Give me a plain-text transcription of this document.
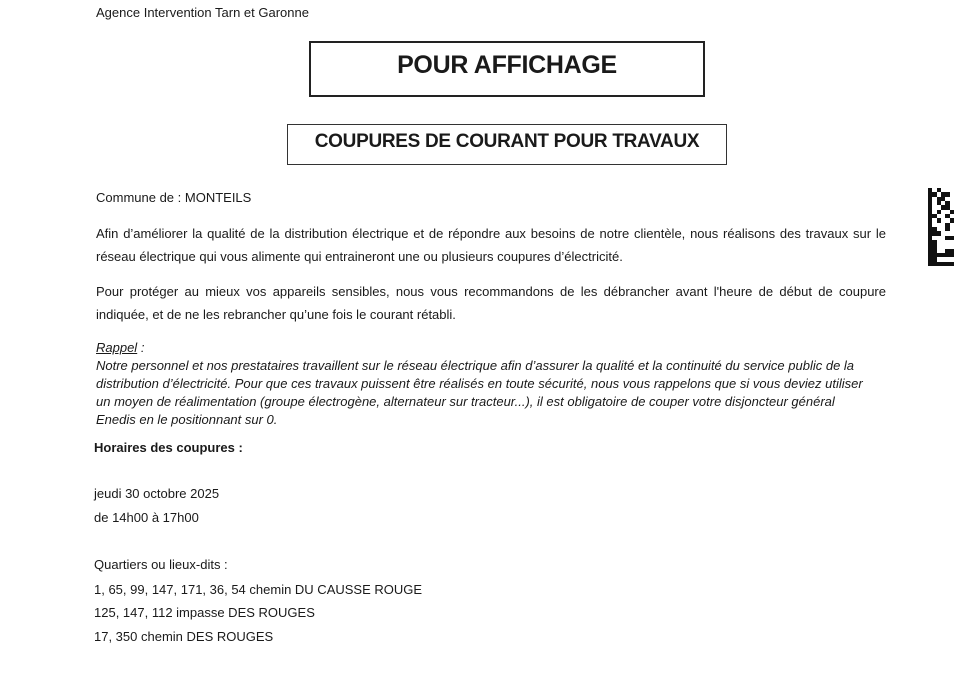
Agence Intervention Tarn et Garonne
POUR AFFICHAGE
COUPURES DE COURANT POUR TRAVAUX
Commune de : MONTEILS
Afin d’améliorer la qualité de la distribution électrique et de répondre aux besoins de notre clientèle, nous réalisons des travaux sur le réseau électrique qui vous alimente qui entraineront une ou plusieurs coupures d’électricité.
Pour protéger au mieux vos appareils sensibles, nous vous recommandons de les débrancher avant l'heure de début de coupure indiquée, et de ne les rebrancher qu’une fois le courant rétabli.
Rappel :
Notre personnel et nos prestataires travaillent sur le réseau électrique afin d’assurer la qualité et la continuité du service public de la distribution d’électricité. Pour que ces travaux puissent être réalisés en toute sécurité, nous vous rappelons que si vous deviez utiliser un moyen de réalimentation (groupe électrogène, alternateur sur tracteur...), il est obligatoire de couper votre disjoncteur général Enedis en le positionnant sur 0.
Horaires des coupures :
jeudi 30 octobre 2025
de 14h00 à 17h00
Quartiers ou lieux-dits :
1, 65, 99, 147, 171, 36, 54 chemin DU CAUSSE ROUGE
125, 147, 112 impasse DES ROUGES
17, 350 chemin DES ROUGES
